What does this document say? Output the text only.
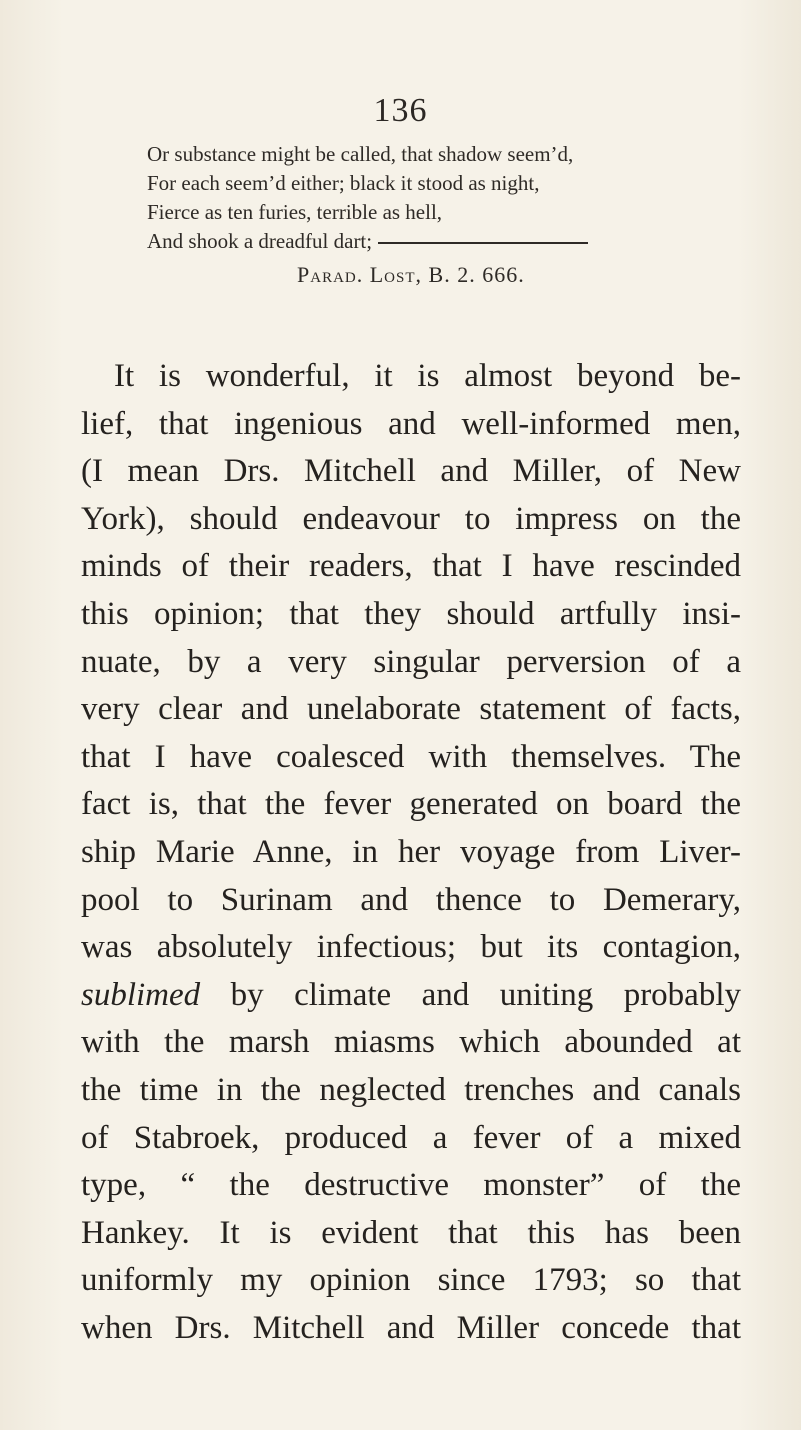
136
Or substance might be called, that shadow seem’d,
For each seem’d either; black it stood as night,
Fierce as ten furies, terrible as hell,
And shook a dreadful dart;
Parad. Lost, B. 2. 666.
It is wonderful, it is almost beyond be-
lief, that ingenious and well-informed men,
(I mean Drs. Mitchell and Miller, of New
York), should endeavour to impress on the
minds of their readers, that I have rescinded
this opinion; that they should artfully insi-
nuate, by a very singular perversion of a
very clear and unelaborate statement of facts,
that I have coalesced with themselves. The
fact is, that the fever generated on board the
ship Marie Anne, in her voyage from Liver-
pool to Surinam and thence to Demerary,
was absolutely infectious; but its contagion,
sublimed by climate and uniting probably
with the marsh miasms which abounded at
the time in the neglected trenches and canals
of Stabroek, produced a fever of a mixed
type, “ the destructive monster” of the
Hankey. It is evident that this has been
uniformly my opinion since 1793; so that
when Drs. Mitchell and Miller concede that
